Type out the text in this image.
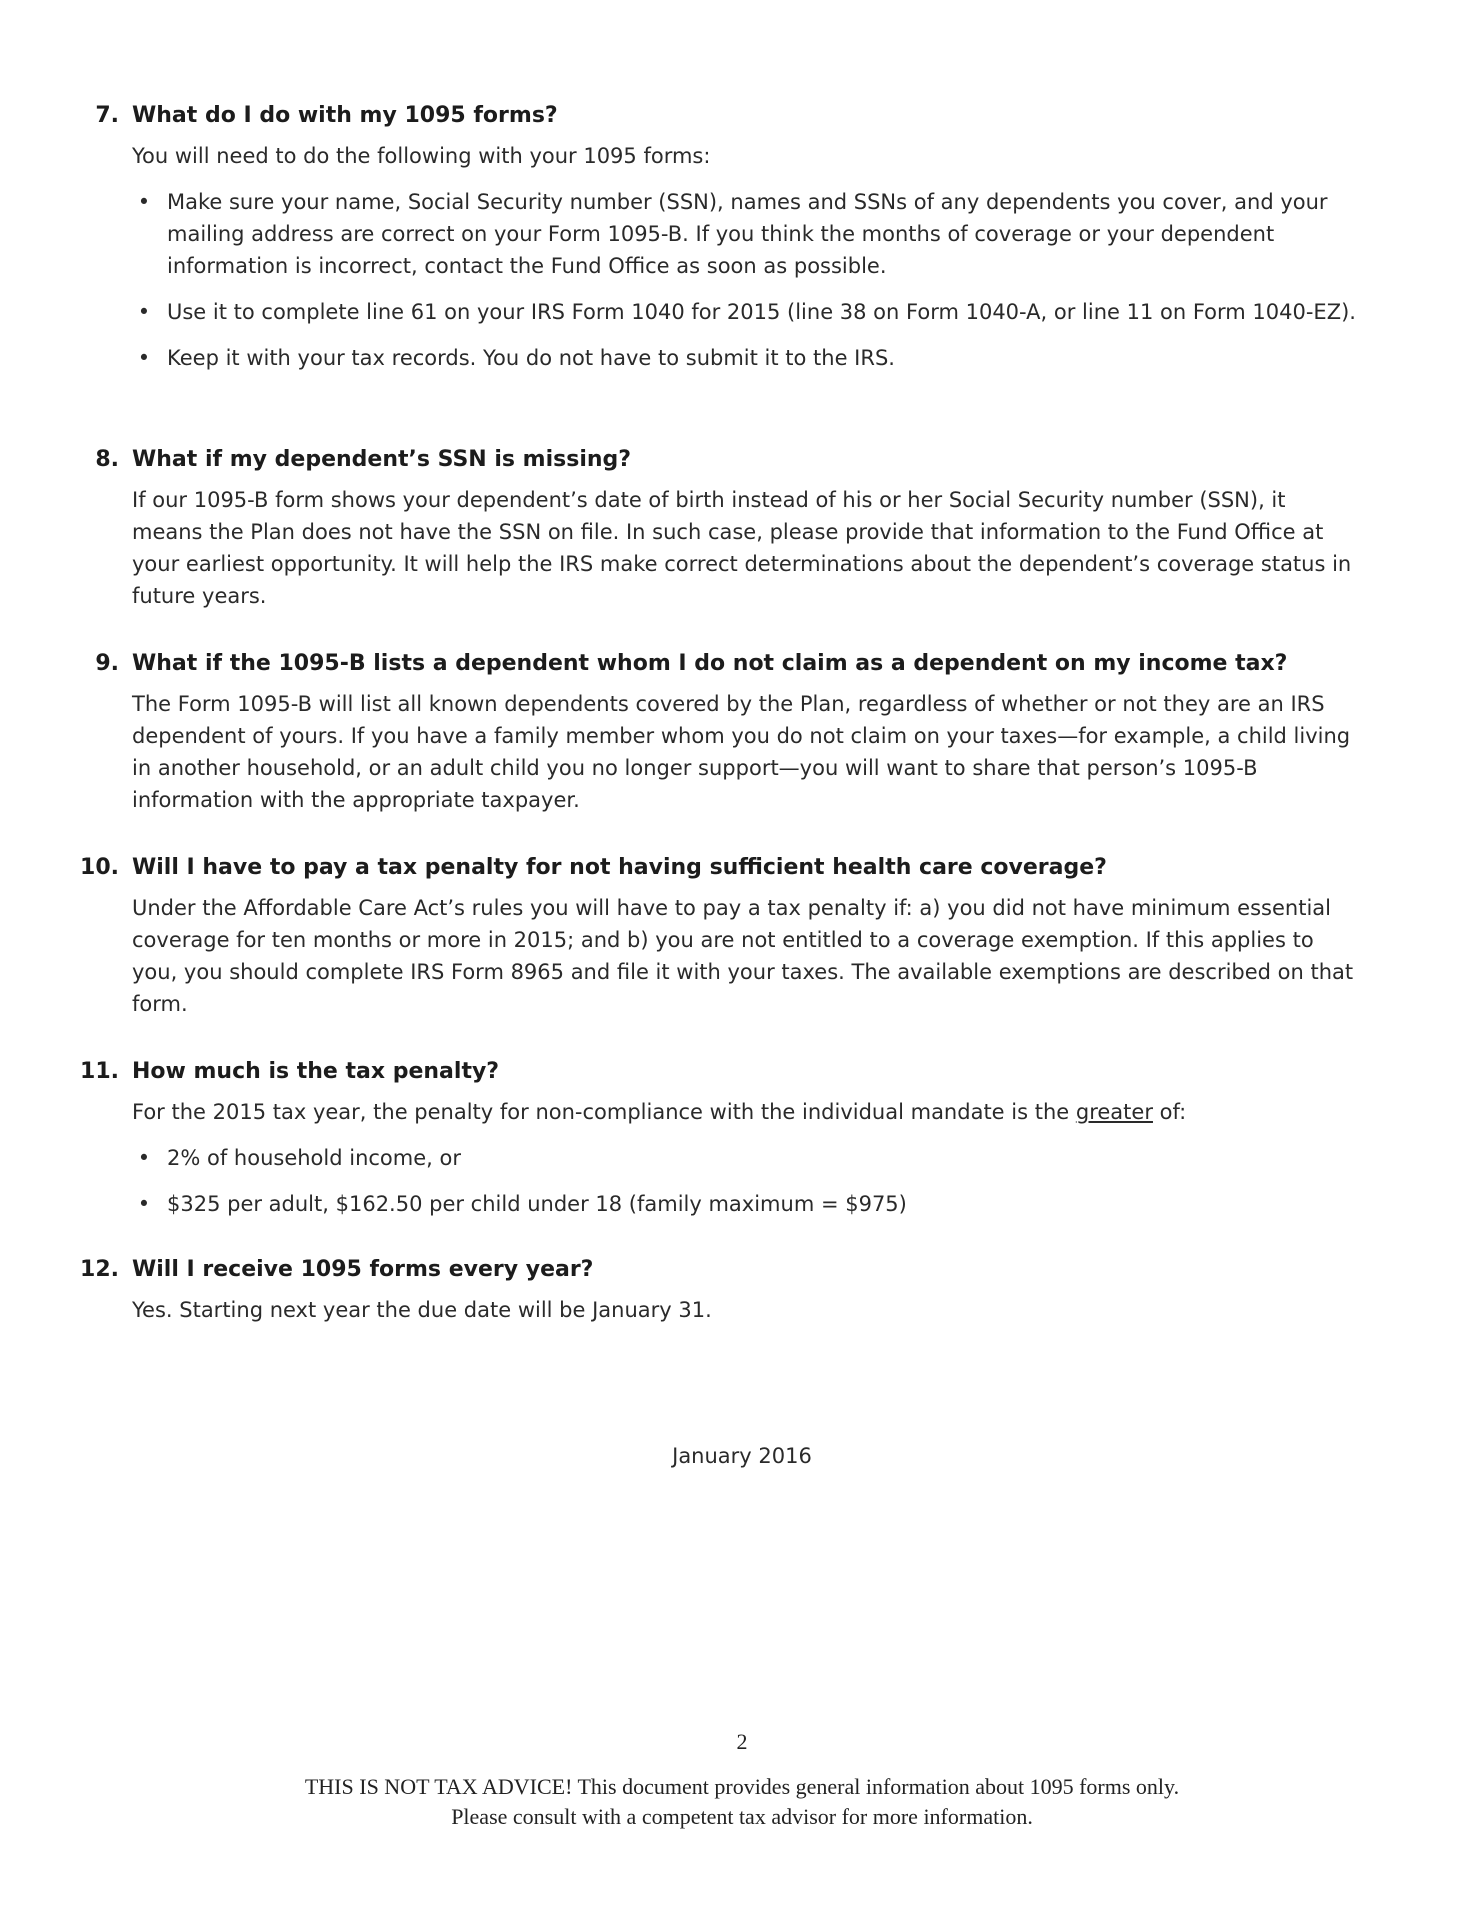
7. What do I do with my 1095 forms?

You will need to do the following with your 1095 forms:

• Make sure your name, Social Security number (SSN), names and SSNs of any dependents you cover, and your mailing address are correct on your Form 1095-B. If you think the months of coverage or your dependent information is incorrect, contact the Fund Office as soon as possible.
• Use it to complete line 61 on your IRS Form 1040 for 2015 (line 38 on Form 1040-A, or line 11 on Form 1040-EZ).
• Keep it with your tax records. You do not have to submit it to the IRS.
8. What if my dependent’s SSN is missing?

If our 1095-B form shows your dependent’s date of birth instead of his or her Social Security number (SSN), it means the Plan does not have the SSN on file. In such case, please provide that information to the Fund Office at your earliest opportunity. It will help the IRS make correct determinations about the dependent’s coverage status in future years.

9. What if the 1095-B lists a dependent whom I do not claim as a dependent on my income tax?

The Form 1095-B will list all known dependents covered by the Plan, regardless of whether or not they are an IRS dependent of yours. If you have a family member whom you do not claim on your taxes—for example, a child living in another household, or an adult child you no longer support—you will want to share that person’s 1095-B information with the appropriate taxpayer.

10. Will I have to pay a tax penalty for not having sufficient health care coverage?

Under the Affordable Care Act’s rules you will have to pay a tax penalty if: a) you did not have minimum essential coverage for ten months or more in 2015; and b) you are not entitled to a coverage exemption. If this applies to you, you should complete IRS Form 8965 and file it with your taxes. The available exemptions are described on that form.

11. How much is the tax penalty?

For the 2015 tax year, the penalty for non-compliance with the individual mandate is the greater of:

• 2% of household income, or
• $325 per adult, $162.50 per child under 18 (family maximum = $975)
12. Will I receive 1095 forms every year?

Yes. Starting next year the due date will be January 31.

January 2016
2
THIS IS NOT TAX ADVICE! This document provides general information about 1095 forms only.
Please consult with a competent tax advisor for more information.
